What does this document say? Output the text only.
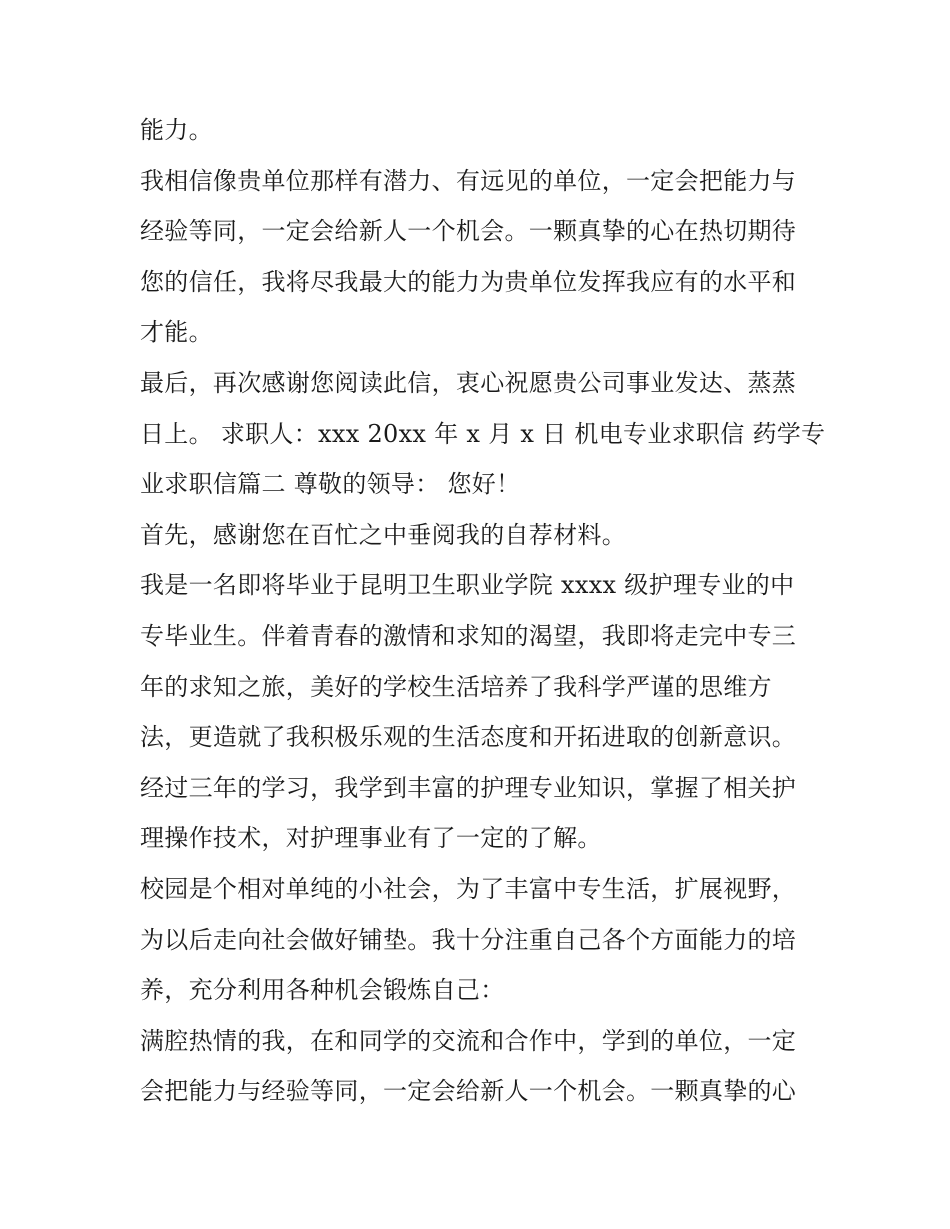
能力。
我相信像贵单位那样有潜力、有远见的单位，一定会把能力与
经验等同，一定会给新人一个机会。一颗真挚的心在热切期待
您的信任，我将尽我最大的能力为贵单位发挥我应有的水平和
才能。
最后，再次感谢您阅读此信，衷心祝愿贵公司事业发达、蒸蒸
日上。 求职人：xxx 20xx 年 x 月 x 日 机电专业求职信 药学专
业求职信篇二 尊敬的领导： 您好！
首先，感谢您在百忙之中垂阅我的自荐材料。
我是一名即将毕业于昆明卫生职业学院 xxxx 级护理专业的中
专毕业生。伴着青春的激情和求知的渴望，我即将走完中专三
年的求知之旅，美好的学校生活培养了我科学严谨的思维方
法，更造就了我积极乐观的生活态度和开拓进取的创新意识。
经过三年的学习，我学到丰富的护理专业知识，掌握了相关护
理操作技术，对护理事业有了一定的了解。
校园是个相对单纯的小社会，为了丰富中专生活，扩展视野，
为以后走向社会做好铺垫。我十分注重自己各个方面能力的培
养，充分利用各种机会锻炼自己：
满腔热情的我，在和同学的交流和合作中，学到的单位，一定
会把能力与经验等同，一定会给新人一个机会。一颗真挚的心
